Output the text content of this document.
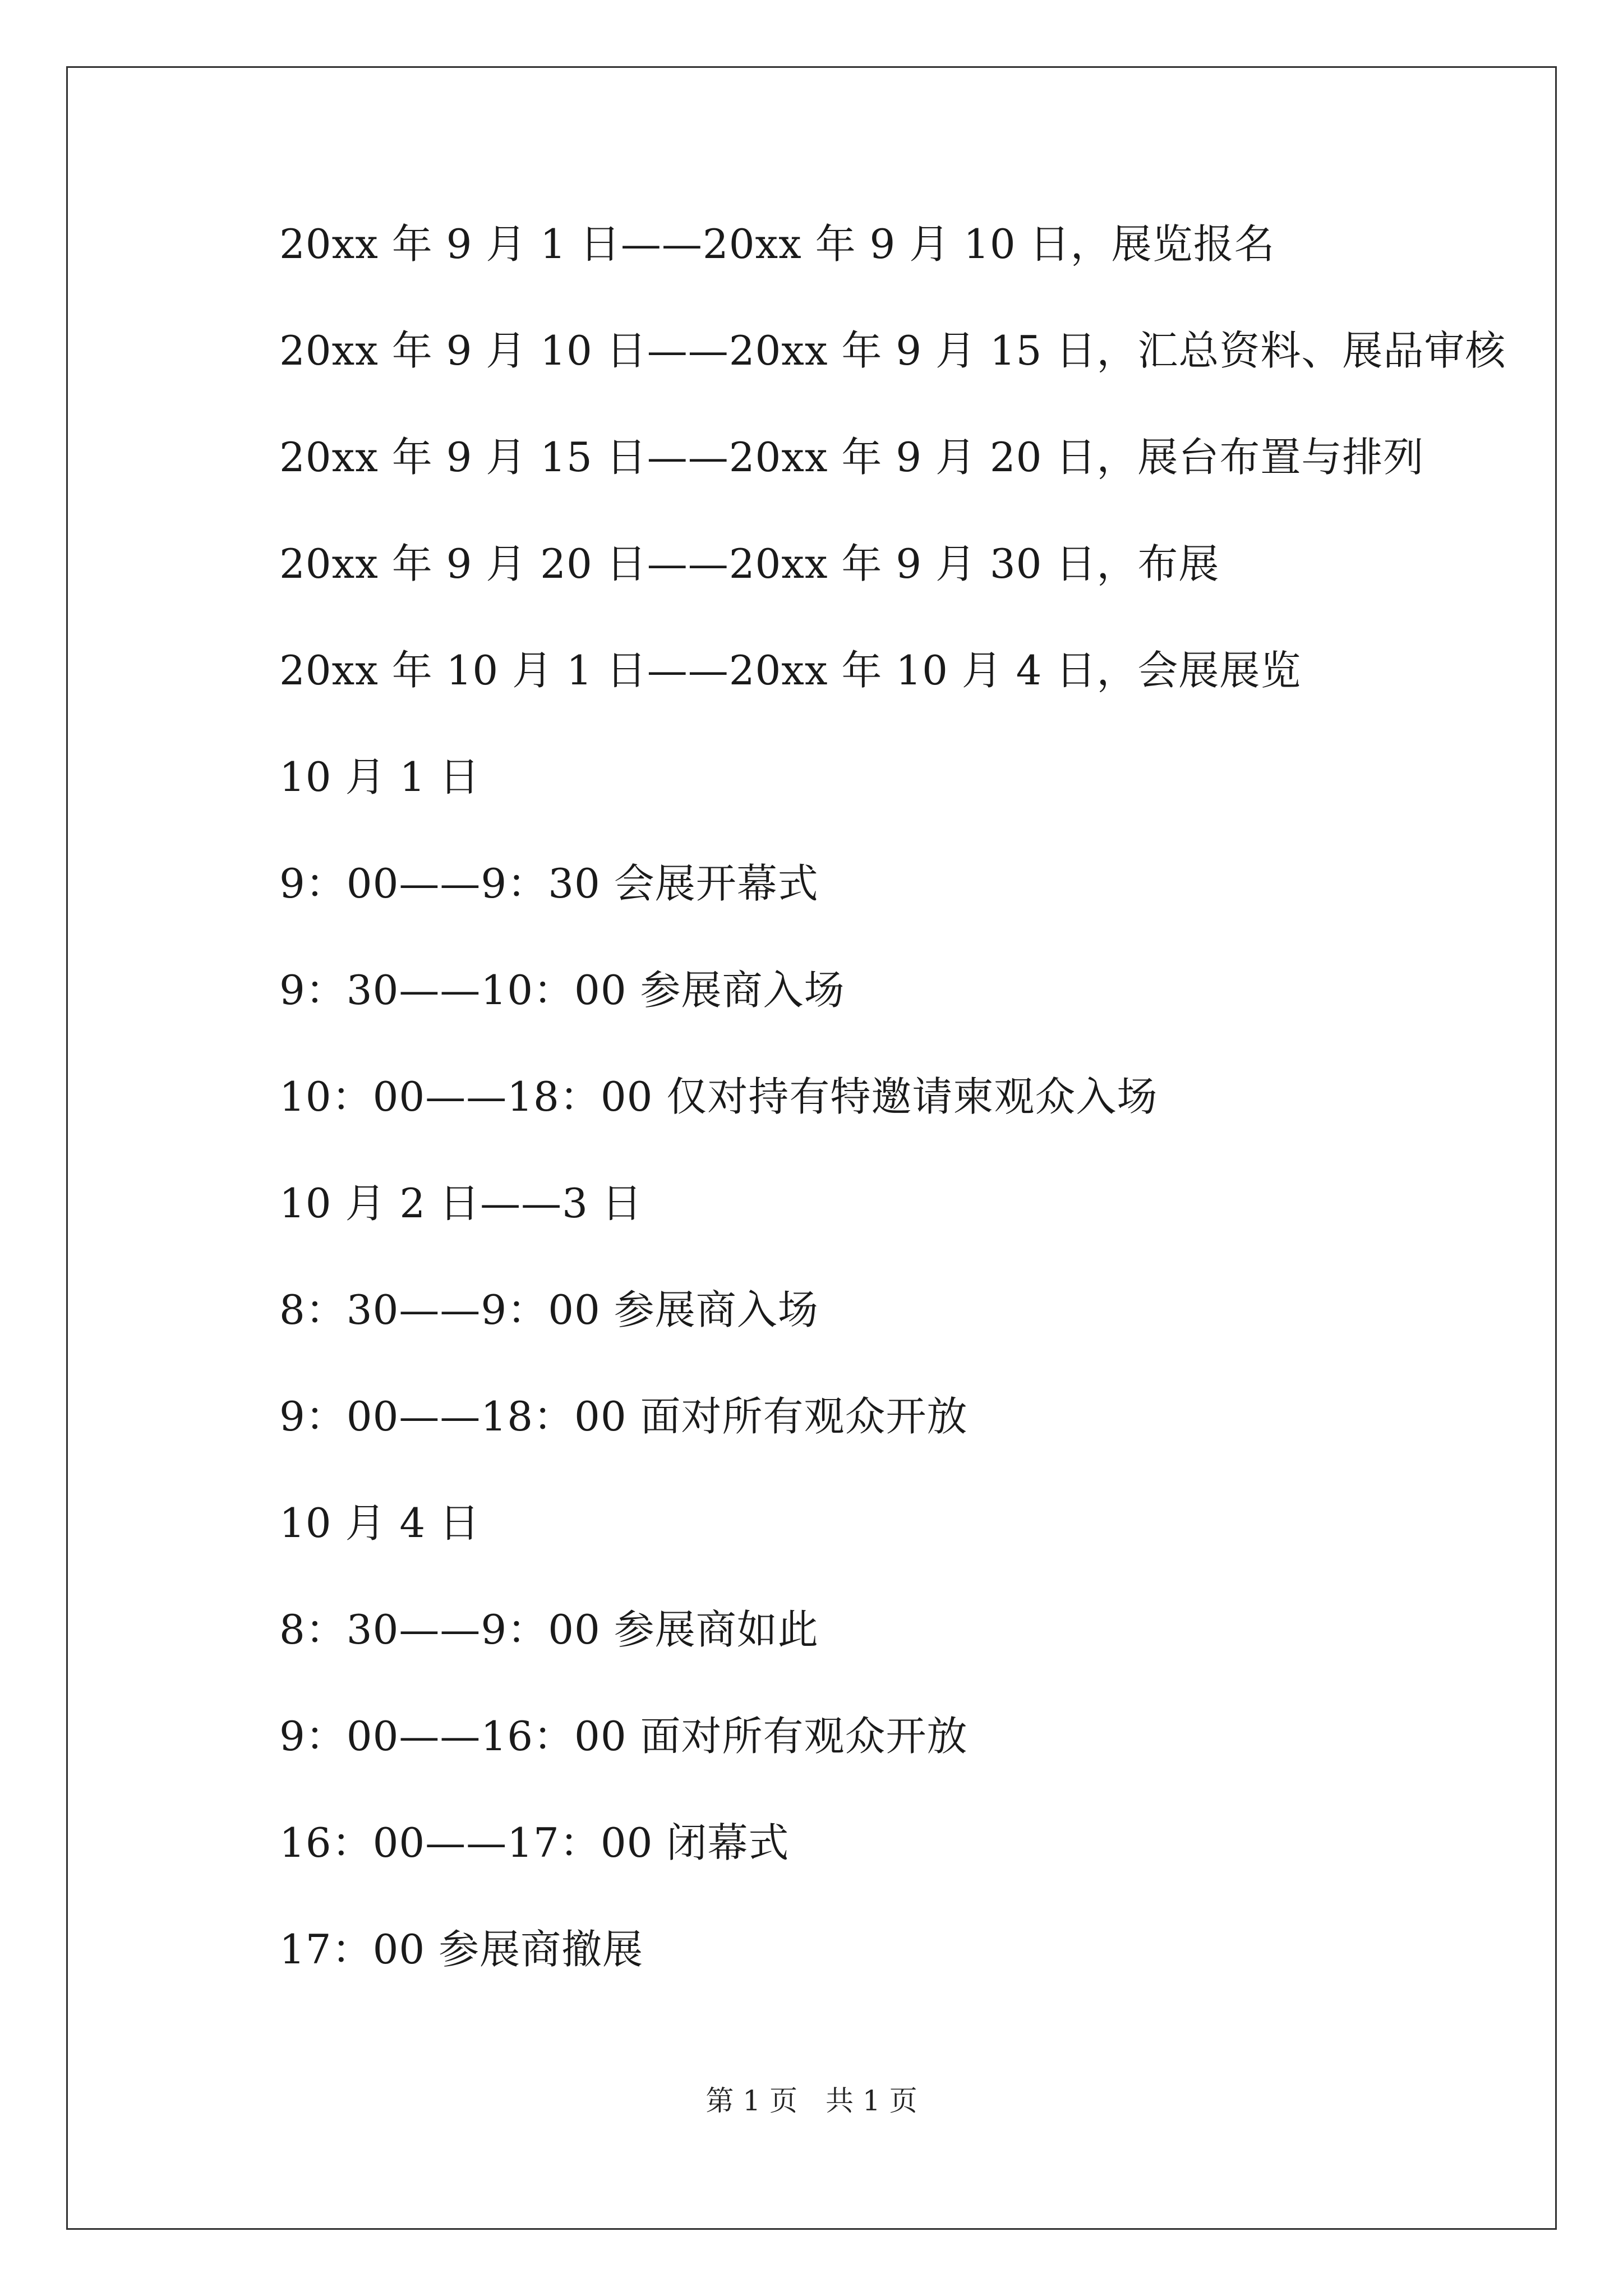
20xx 年 9 月 1 日——20xx 年 9 月 10 日，展览报名
20xx 年 9 月 10 日——20xx 年 9 月 15 日，汇总资料、展品审核
20xx 年 9 月 15 日——20xx 年 9 月 20 日，展台布置与排列
20xx 年 9 月 20 日——20xx 年 9 月 30 日，布展
20xx 年 10 月 1 日——20xx 年 10 月 4 日，会展展览
10 月 1 日
9：00——9：30 会展开幕式
9：30——10：00 参展商入场
10：00——18：00 仅对持有特邀请柬观众入场
10 月 2 日——3 日
8：30——9：00 参展商入场
9：00——18：00 面对所有观众开放
10 月 4 日
8：30——9：00 参展商如此
9：00——16：00 面对所有观众开放
16：00——17：00 闭幕式
17：00 参展商撤展
第 1 页　共 1 页
